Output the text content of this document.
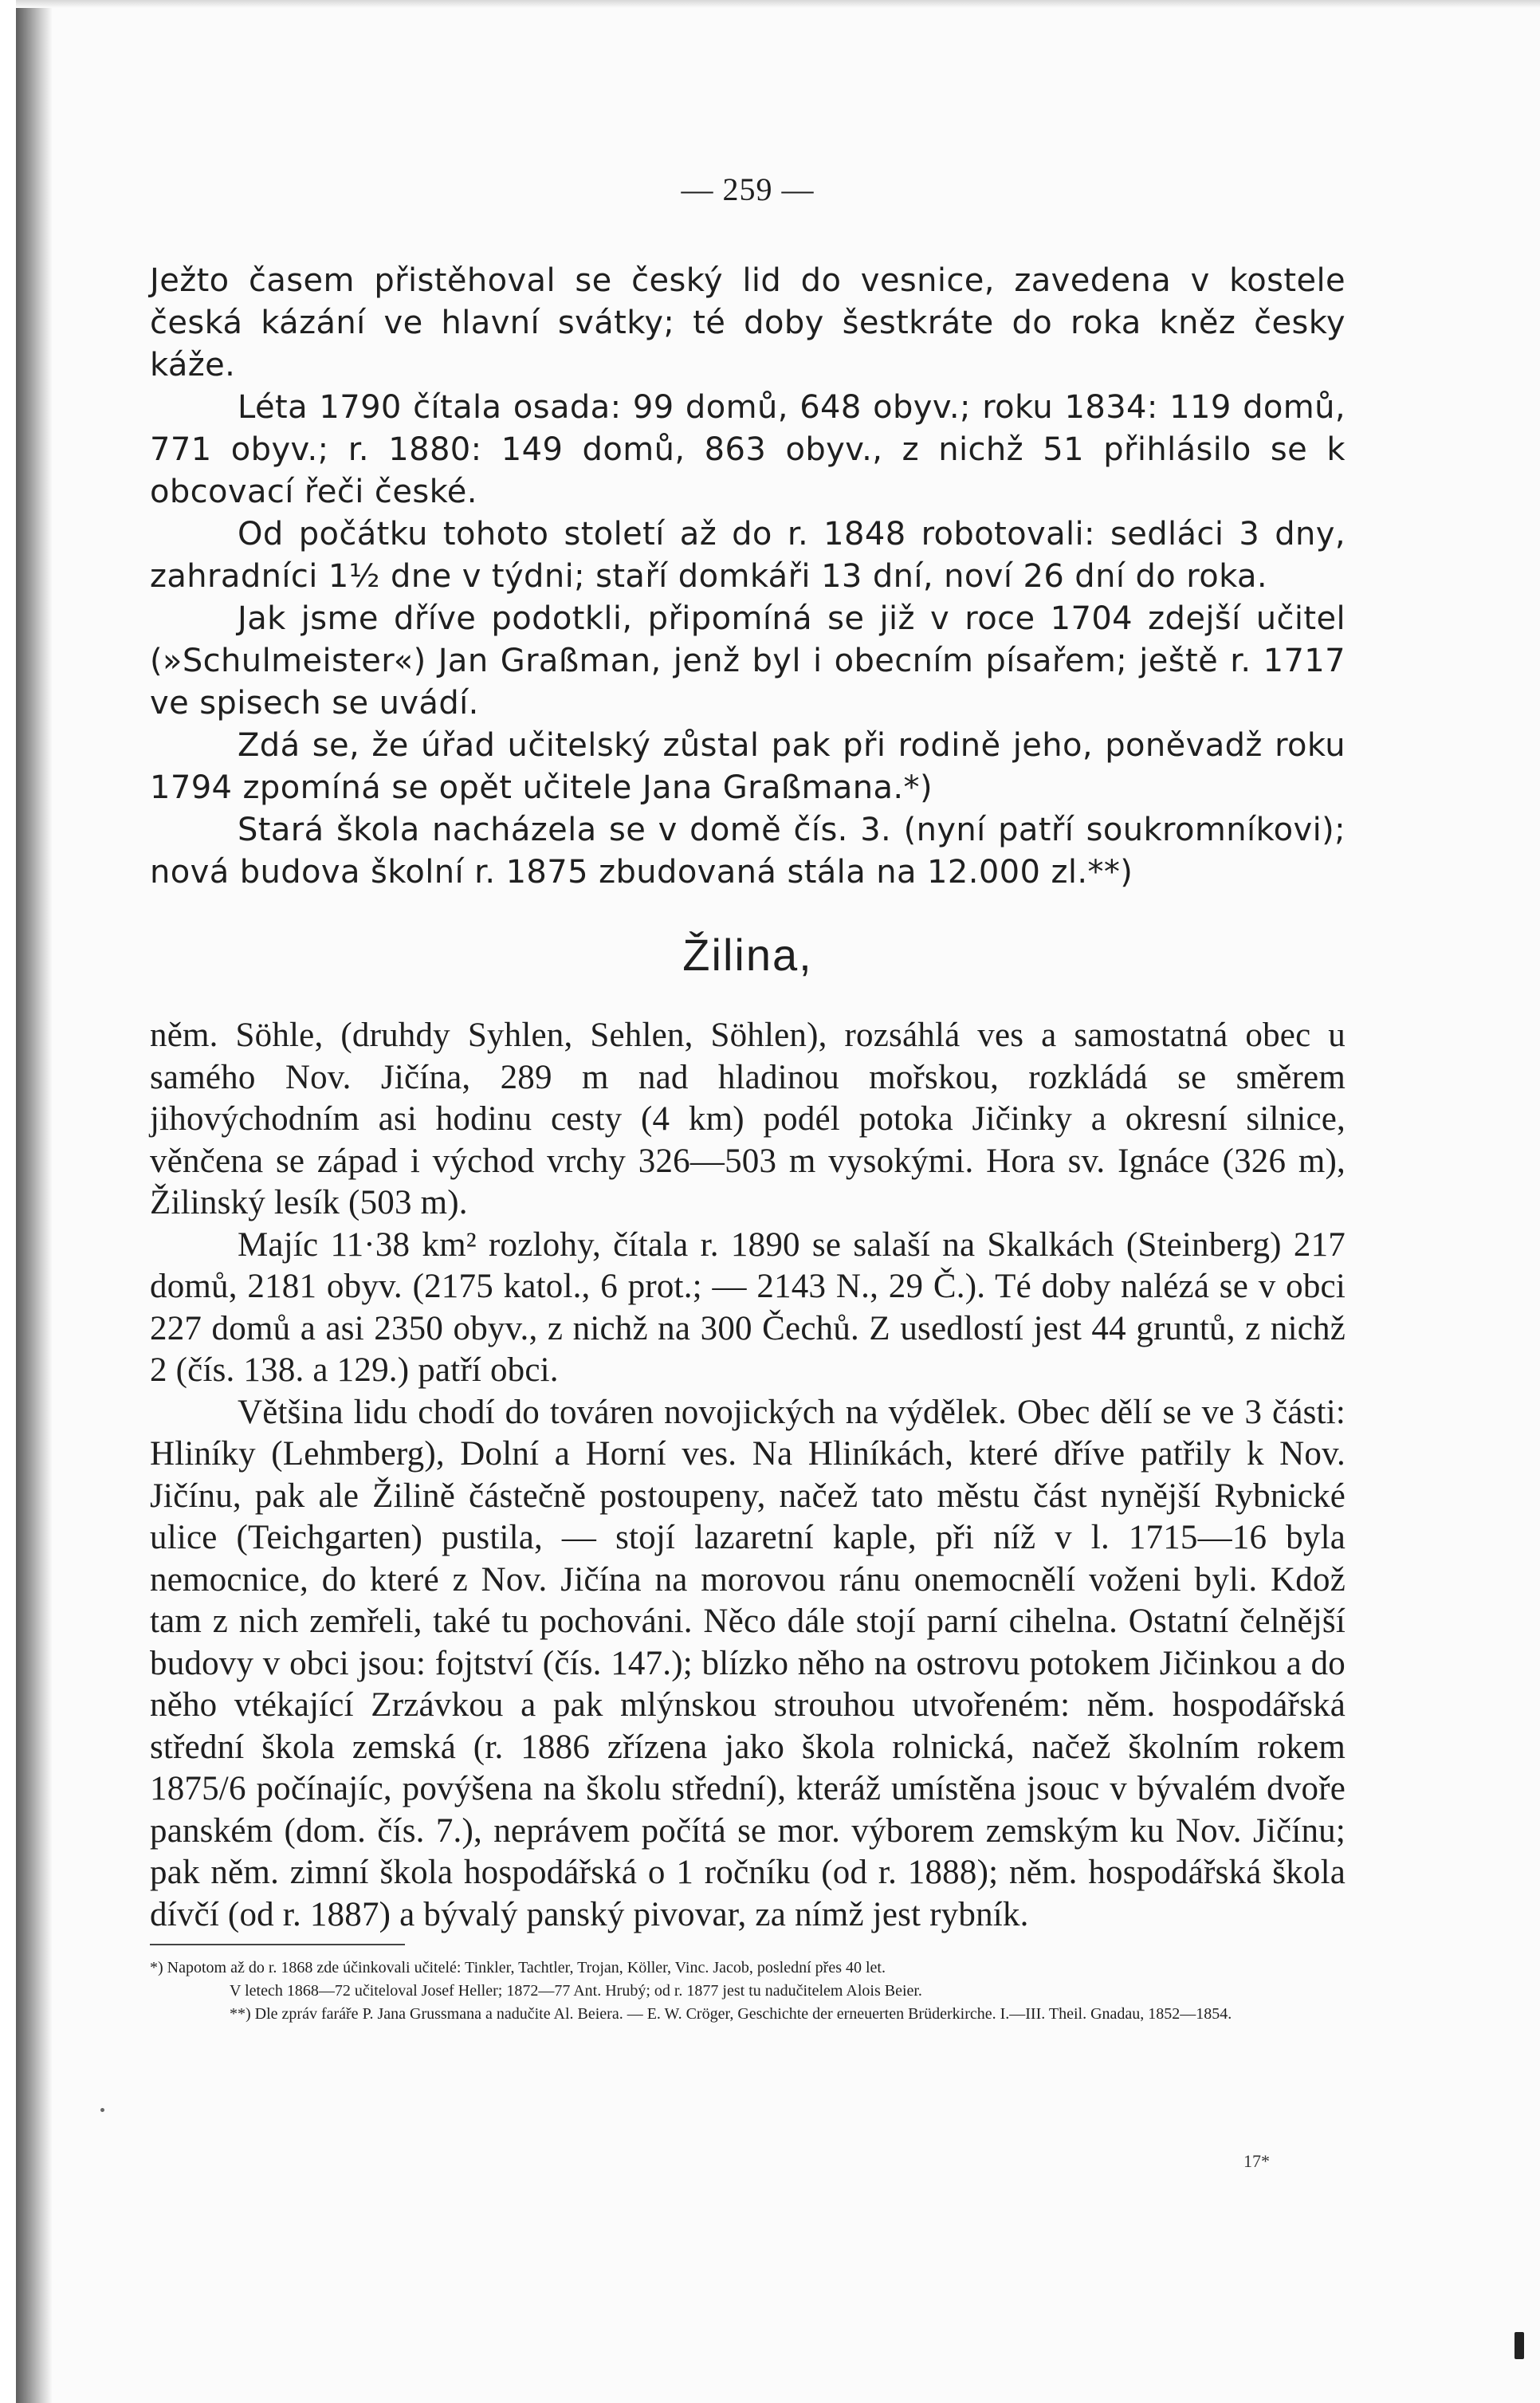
— 259 —

Ježto časem přistěhoval se český lid do vesnice, zavedena v kostele česká kázání ve hlavní svátky; té doby šestkráte do roka kněz česky káže.

Léta 1790 čítala osada: 99 domů, 648 obyv.; roku 1834: 119 domů, 771 obyv.; r. 1880: 149 domů, 863 obyv., z nichž 51 přihlásilo se k obcovací řeči české.

Od počátku tohoto století až do r. 1848 robotovali: sedláci 3 dny, zahradníci 1½ dne v týdni; staří domkáři 13 dní, noví 26 dní do roka.

Jak jsme dříve podotkli, připomíná se již v roce 1704 zdejší učitel (»Schulmeister«) Jan Graßman, jenž byl i obecním písařem; ještě r. 1717 ve spisech se uvádí.

Zdá se, že úřad učitelský zůstal pak při rodině jeho, poněvadž roku 1794 zpomíná se opět učitele Jana Graßmana.*)

Stará škola nacházela se v domě čís. 3. (nyní patří soukromníkovi); nová budova školní r. 1875 zbudovaná stála na 12.000 zl.**)

Žilina,

něm. Söhle, (druhdy Syhlen, Sehlen, Söhlen), rozsáhlá ves a samostatná obec u samého Nov. Jičína, 289 m nad hladinou mořskou, rozkládá se směrem jihovýchodním asi hodinu cesty (4 km) podél potoka Jičinky a okresní silnice, věnčena se západ i východ vrchy 326—503 m vysokými. Hora sv. Ignáce (326 m), Žilinský lesík (503 m).

Majíc 11·38 km² rozlohy, čítala r. 1890 se salaší na Skalkách (Steinberg) 217 domů, 2181 obyv. (2175 katol., 6 prot.; — 2143 N., 29 Č.). Té doby nalézá se v obci 227 domů a asi 2350 obyv., z nichž na 300 Čechů. Z usedlostí jest 44 gruntů, z nichž 2 (čís. 138. a 129.) patří obci.

Většina lidu chodí do továren novojických na výdělek. Obec dělí se ve 3 části: Hliníky (Lehmberg), Dolní a Horní ves. Na Hliníkách, které dříve patřily k Nov. Jičínu, pak ale Žilině částečně postoupeny, načež tato městu část nynější Rybnické ulice (Teichgarten) pustila, — stojí lazaretní kaple, při níž v l. 1715—16 byla nemocnice, do které z Nov. Jičína na morovou ránu onemocnělí voženi byli. Kdož tam z nich zemřeli, také tu pochováni. Něco dále stojí parní cihelna. Ostatní čelnější budovy v obci jsou: fojtství (čís. 147.); blízko něho na ostrovu potokem Jičinkou a do něho vtékající Zrzávkou a pak mlýnskou strouhou utvořeném: něm. hospodářská střední škola zemská (r. 1886 zřízena jako škola rolnická, načež školním rokem 1875/6 počínajíc, povýšena na školu střední), kteráž umístěna jsouc v bývalém dvoře panském (dom. čís. 7.), neprávem počítá se mor. výborem zemským ku Nov. Jičínu; pak něm. zimní škola hospodářská o 1 ročníku (od r. 1888); něm. hospodářská škola dívčí (od r. 1887) a bývalý panský pivovar, za nímž jest rybník.

*) Napotom až do r. 1868 zde účinkovali učitelé: Tinkler, Tachtler, Trojan, Köller, Vinc. Jacob, poslední přes 40 let.

V letech 1868—72 učiteloval Josef Heller; 1872—77 Ant. Hrubý; od r. 1877 jest tu nadučitelem Alois Beier.

**) Dle zpráv faráře P. Jana Grussmana a nadučite Al. Beiera. — E. W. Cröger, Geschichte der erneuerten Brüderkirche. I.—III. Theil. Gnadau, 1852—1854.

17*
